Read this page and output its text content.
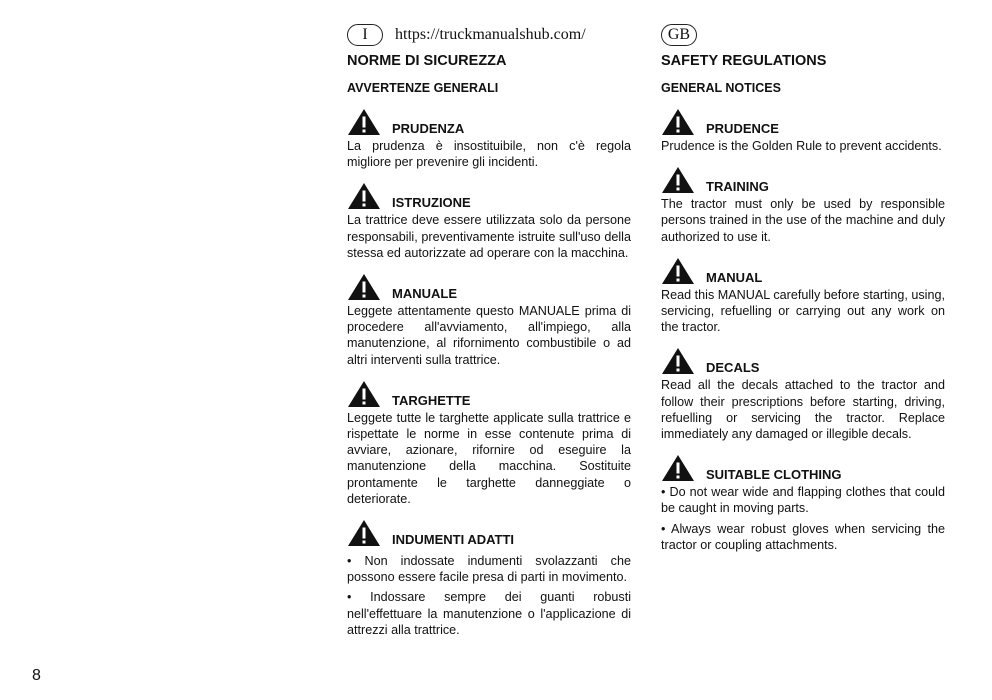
I	https://truckmanualshub.com/
NORME DI SICUREZZA
AVVERTENZE GENERALI
PRUDENZA

La prudenza è insostituibile, non c'è regola migliore per prevenire gli incidenti.

ISTRUZIONE

La trattrice deve essere utilizzata solo da persone responsabili, preventivamente istruite sull'uso della stessa ed autorizzate ad operare con la macchina.

MANUALE

Leggete attentamente questo MANUALE prima di procedere all'avviamento, all'impiego, alla manutenzione, al rifornimento combustibile o ad altri interventi sulla trattrice.

TARGHETTE

Leggete tutte le targhette applicate sulla trattrice e rispettate le norme in esse contenute prima di avviare, azionare, rifornire od eseguire la manutenzione della macchina. Sostituite prontamente le targhette danneggiate o deteriorate.

INDUMENTI ADATTI

• Non indossate indumenti svolazzanti che possono essere facile presa di parti in movimento.

• Indossare sempre dei guanti robusti nell'effettuare la manutenzione o l'applicazione di attrezzi alla trattrice.

GB
SAFETY REGULATIONS
GENERAL NOTICES
PRUDENCE

Prudence is the Golden Rule to prevent accidents.

TRAINING

The tractor must only be used by responsible persons trained in the use of the machine and duly authorized to use it.

MANUAL

Read this MANUAL carefully before starting, using, servicing, refuelling or carrying out any work on the tractor.

DECALS

Read all the decals attached to the tractor and follow their prescriptions before starting, driving, refuelling or servicing the tractor. Replace immediately any damaged or illegible decals.

SUITABLE CLOTHING

• Do not wear wide and flapping clothes that could be caught in moving parts.

• Always wear robust gloves when servicing the tractor or coupling attachments.

8
